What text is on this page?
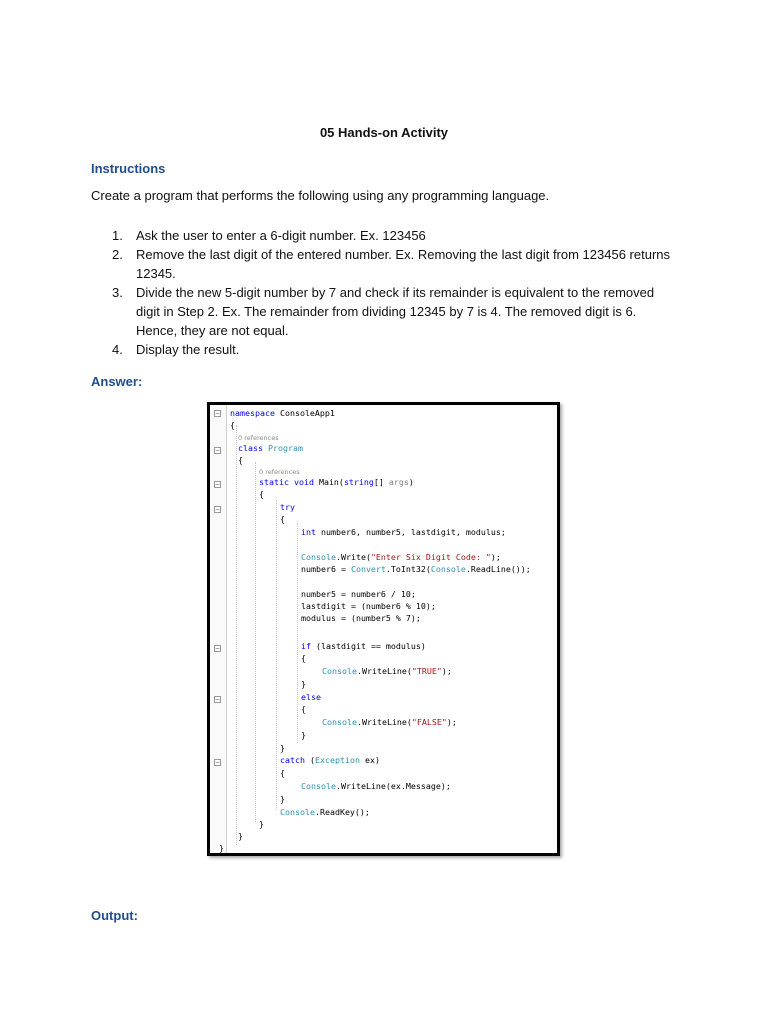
05 Hands-on Activity
Instructions
Create a program that performs the following using any programming language.
1. Ask the user to enter a 6-digit number. Ex. 123456
2. Remove the last digit of the entered number. Ex. Removing the last digit from 123456 returns 12345.
3. Divide the new 5-digit number by 7 and check if its remainder is equivalent to the removed digit in Step 2. Ex. The remainder from dividing 12345 by 7 is 4. The removed digit is 6. Hence, they are not equal.
4. Display the result.
Answer:
−
−
−
−
−
−
−
namespace ConsoleApp1
{
0 references
class Program
{
0 references
static void Main(string[] args)
{
try
{
int number6, number5, lastdigit, modulus;
Console.Write("Enter Six Digit Code: ");
number6 = Convert.ToInt32(Console.ReadLine());
number5 = number6 / 10;
lastdigit = (number6 % 10);
modulus = (number5 % 7);
if (lastdigit == modulus)
{
Console.WriteLine("TRUE");
}
else
{
Console.WriteLine("FALSE");
}
}
catch (Exception ex)
{
Console.WriteLine(ex.Message);
}
Console.ReadKey();
}
}
}
Output:
